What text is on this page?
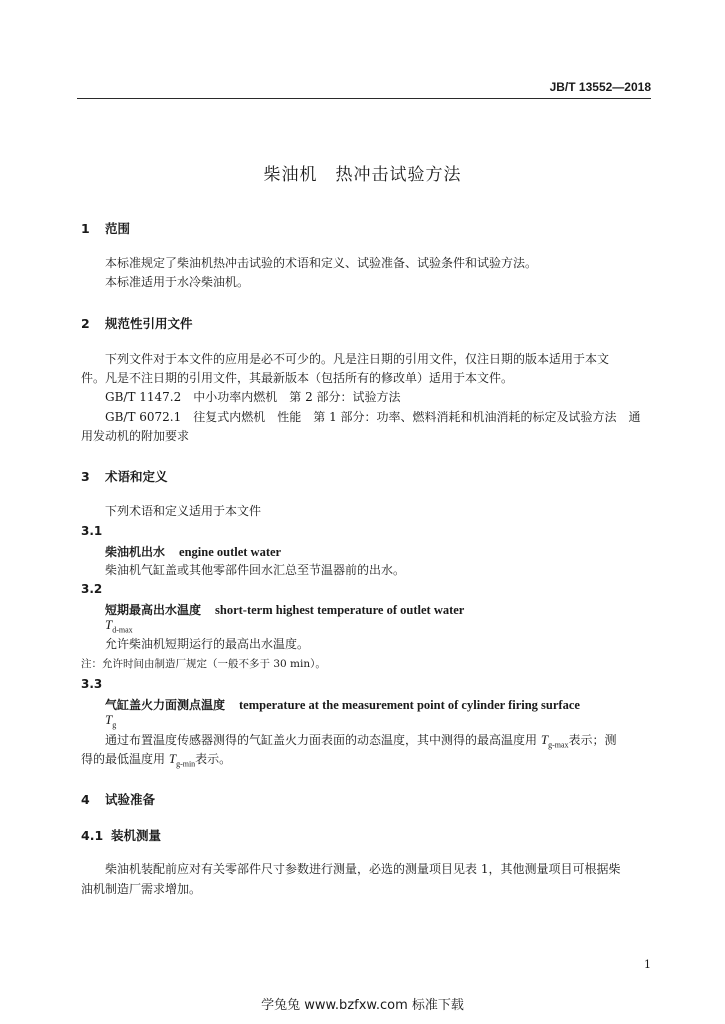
JB/T 13552—2018
柴油机　热冲击试验方法
1 范围
本标准规定了柴油机热冲击试验的术语和定义、试验准备、试验条件和试验方法。
本标准适用于水冷柴油机。
2 规范性引用文件
下列文件对于本文件的应用是必不可少的。凡是注日期的引用文件，仅注日期的版本适用于本文
件。凡是不注日期的引用文件，其最新版本（包括所有的修改单）适用于本文件。
GB/T 1147.2　中小功率内燃机　第 2 部分：试验方法
GB/T 6072.1　往复式内燃机　性能　第 1 部分：功率、燃料消耗和机油消耗的标定及试验方法　通
用发动机的附加要求
3 术语和定义
下列术语和定义适用于本文件
3.1
柴油机出水 engine outlet water
柴油机气缸盖或其他零部件回水汇总至节温器前的出水。
3.2
短期最高出水温度 short-term highest temperature of outlet water
$T_{d-max}$
允许柴油机短期运行的最高出水温度。
注：允许时间由制造厂规定（一般不多于 30 min）。
3.3
气缸盖火力面测点温度 temperature at the measurement point of cylinder firing surface
$T_g$
通过布置温度传感器测得的气缸盖火力面表面的动态温度，其中测得的最高温度用 $T_{g-max}$表示；测
得的最低温度用 $T_{g-min}$表示。
4 试验准备
4.1 装机测量
柴油机装配前应对有关零部件尺寸参数进行测量，必选的测量项目见表 1，其他测量项目可根据柴
油机制造厂需求增加。
1
学兔兔 www.bzfxw.com 标准下载
